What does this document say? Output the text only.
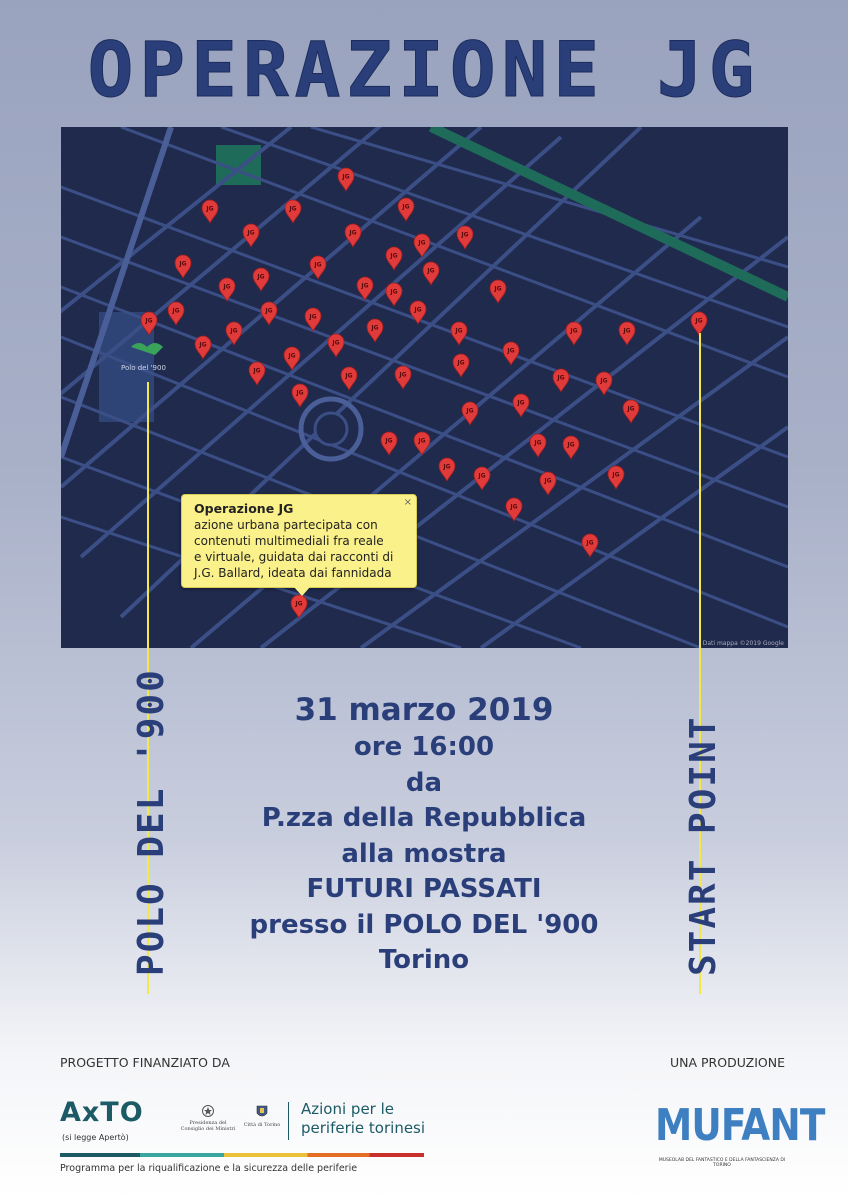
OPERAZIONE JG
Polo del '900
JG
JG	JG	JG
JG	JG	JG
JG	JG
JG
JG
JG
JG
JG	JG
JG	JG
JG	JG
JG
JG
JG
JG	JG	JG	JG	JG
JG
JG	JG
JG
JG
JG
JG
JG	JG	JG	JG
JG
JG
JG
JG
JG	JG	JG	JG
JG
JG	JG
JG
JG
JG
JG
×
Operazione JG
azione urbana partecipata con
contenuti multimediali fra reale
e virtuale, guidata dai racconti di
J.G. Ballard, ideata dai fannidada
Dati mappa ©2019 Google
POLO DEL '900	START POINT
31 marzo 2019
ore 16:00
da
P.zza della Repubblica
alla mostra
FUTURI PASSATI
presso il POLO DEL '900
Torino
PROGETTO FINANZIATO DA	UNA PRODUZIONE
AxTO
(si legge Apertò)
Presidenza del Consiglio dei Ministri
Città di Torino
Azioni per le
periferie torinesi
Programma per la riqualificazione e la sicurezza delle periferie
MUFANT
MUSEOLAB DEL FANTASTICO E DELLA FANTASCIENZA DI TORINO
